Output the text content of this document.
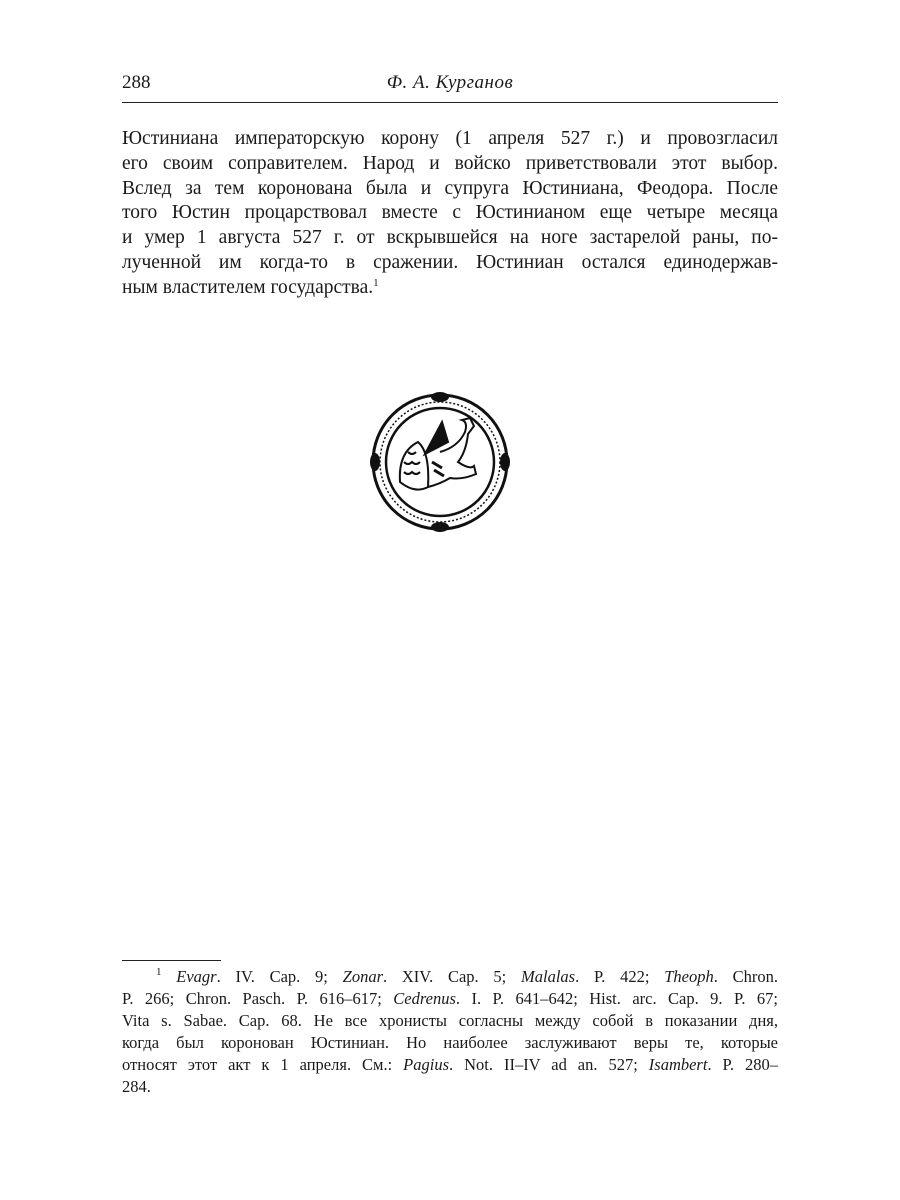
288	Ф. А. Курганов
Юстиниана императорскую корону (1 апреля 527 г.) и провозгласил
его своим соправителем. Народ и войско приветствовали этот выбор.
Вслед за тем коронована была и супруга Юстиниана, Феодора. После
того Юстин процарствовал вместе с Юстинианом еще четыре месяца
и умер 1 августа 527 г. от вскрывшейся на ноге застарелой раны, по-
лученной им когда-то в сражении. Юстиниан остался единодержав-
ным властителем государства.$^1$
$^1$ Evagr. IV. Cap. 9; Zonar. XIV. Cap. 5; Malalas. P. 422; Theoph. Chron.
P. 266; Chron. Pasch. P. 616–617; Cedrenus. I. P. 641–642; Hist. arc. Cap. 9. P. 67;
Vita s. Sabae. Cap. 68. Не все хронисты согласны между собой в показании дня,
когда был коронован Юстиниан. Но наиболее заслуживают веры те, которые
относят этот акт к 1 апреля. См.: Pagius. Not. II–IV ad an. 527; Isambert. P. 280–
284.
